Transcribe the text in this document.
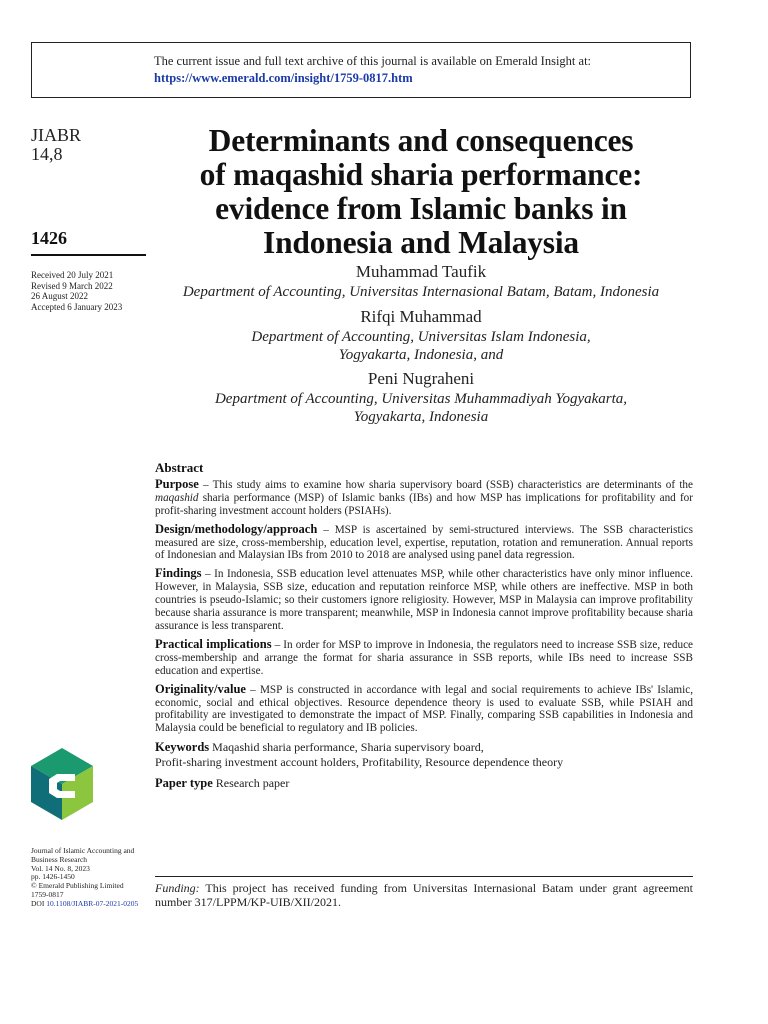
The current issue and full text archive of this journal is available on Emerald Insight at:
https://www.emerald.com/insight/1759-0817.htm
JIABR
14,8
1426
Received 20 July 2021
Revised 9 March 2022
26 August 2022
Accepted 6 January 2023
Journal of Islamic Accounting and
Business Research
Vol. 14 No. 8, 2023
pp. 1426-1450
© Emerald Publishing Limited
1759-0817
DOI 10.1108/JIABR-07-2021-0205
Determinants and consequences
of maqashid sharia performance:
evidence from Islamic banks in
Indonesia and Malaysia
Muhammad Taufik
Department of Accounting, Universitas Internasional Batam, Batam, Indonesia
Rifqi Muhammad
Department of Accounting, Universitas Islam Indonesia,
Yogyakarta, Indonesia, and
Peni Nugraheni
Department of Accounting, Universitas Muhammadiyah Yogyakarta,
Yogyakarta, Indonesia
Abstract

Purpose – This study aims to examine how sharia supervisory board (SSB) characteristics are determinants of the maqashid sharia performance (MSP) of Islamic banks (IBs) and how MSP has implications for profitability and for profit-sharing investment account holders (PSIAHs).

Design/methodology/approach – MSP is ascertained by semi-structured interviews. The SSB characteristics measured are size, cross-membership, education level, expertise, reputation, rotation and remuneration. Annual reports of Indonesian and Malaysian IBs from 2010 to 2018 are analysed using panel data regression.

Findings – In Indonesia, SSB education level attenuates MSP, while other characteristics have only minor influence. However, in Malaysia, SSB size, education and reputation reinforce MSP, while others are ineffective. MSP in both countries is pseudo-Islamic; so their customers ignore religiosity. However, MSP in Malaysia can improve profitability because sharia assurance is more transparent; meanwhile, MSP in Indonesia cannot improve profitability because sharia assurance is less transparent.

Practical implications – In order for MSP to improve in Indonesia, the regulators need to increase SSB size, reduce cross-membership and arrange the format for sharia assurance in SSB reports, while IBs need to increase SSB education and expertise.

Originality/value – MSP is constructed in accordance with legal and social requirements to achieve IBs' Islamic, economic, social and ethical objectives. Resource dependence theory is used to evaluate SSB, while PSIAH and profitability are investigated to demonstrate the impact of MSP. Finally, comparing SSB capabilities in Indonesia and Malaysia could be beneficial to regulatory and IB policies.

Keywords Maqashid sharia performance, Sharia supervisory board,
Profit-sharing investment account holders, Profitability, Resource dependence theory

Paper type Research paper

Funding: This project has received funding from Universitas Internasional Batam under grant agreement number 317/LPPM/KP-UIB/XII/2021.
